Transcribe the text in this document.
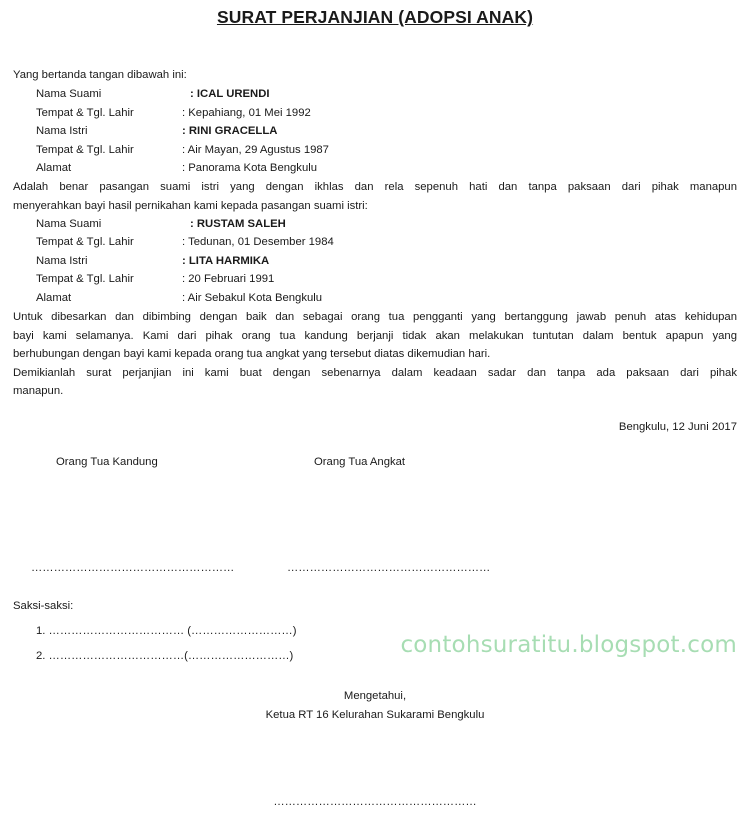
SURAT PERJANJIAN (ADOPSI ANAK)
Yang bertanda tangan dibawah ini:
Nama Suami	: ICAL URENDI
Tempat & Tgl. Lahir	: Kepahiang, 01 Mei 1992
Nama Istri	: RINI GRACELLA
Tempat & Tgl. Lahir	: Air Mayan, 29 Agustus 1987
Alamat	: Panorama Kota Bengkulu
Adalah benar pasangan suami istri yang dengan ikhlas dan rela sepenuh hati dan tanpa paksaan dari pihak manapun
menyerahkan bayi hasil pernikahan kami kepada pasangan suami istri:
Nama Suami	: RUSTAM SALEH
Tempat & Tgl. Lahir	: Tedunan, 01 Desember 1984
Nama Istri	: LITA HARMIKA
Tempat & Tgl. Lahir	: 20 Februari 1991
Alamat	: Air Sebakul Kota Bengkulu
Untuk dibesarkan dan dibimbing dengan baik dan sebagai orang tua pengganti yang bertanggung jawab penuh atas kehidupan
bayi kami selamanya. Kami dari pihak orang tua kandung berjanji tidak akan melakukan tuntutan dalam bentuk apapun yang
berhubungan dengan bayi kami kepada orang tua angkat yang tersebut diatas dikemudian hari.
Demikianlah surat perjanjian ini kami buat dengan sebenarnya dalam keadaan sadar dan tanpa ada paksaan dari pihak
manapun.
Bengkulu, 12 Juni 2017
Orang Tua Kandung	Orang Tua Angkat
………………………………………………	………………………………………………
Saksi-saksi:
1. ……………………………… (………………………)
2. ………………………………(………………………)	contohsuratitu.blogspot.com
Mengetahui,
Ketua RT 16 Kelurahan Sukarami Bengkulu
………………………………………………
